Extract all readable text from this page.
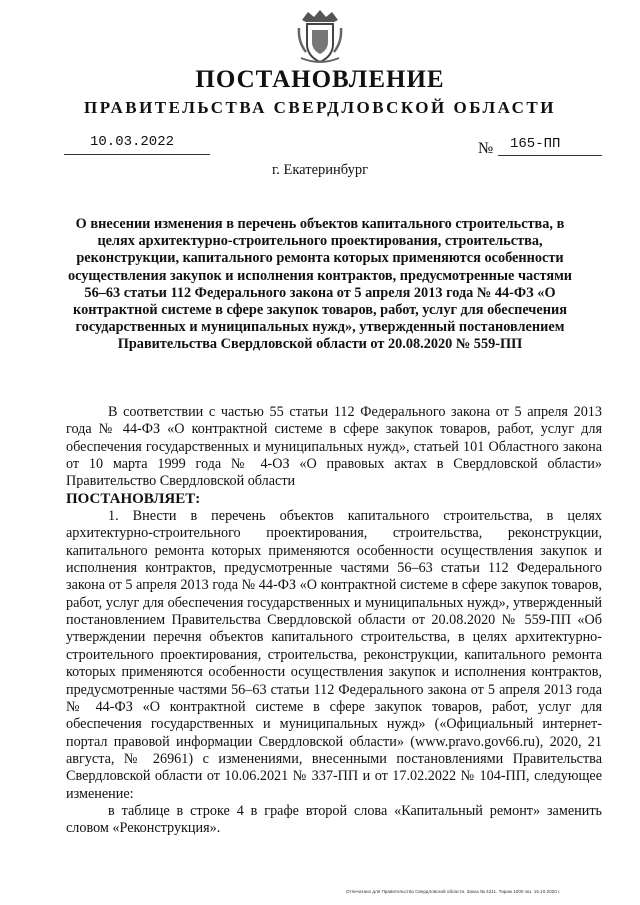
ПОСТАНОВЛЕНИЕ
ПРАВИТЕЛЬСТВА СВЕРДЛОВСКОЙ ОБЛАСТИ
10.03.2022	№ 165-ПП
г. Екатеринбург
О внесении изменения в перечень объектов капитального строительства, в целях архитектурно-строительного проектирования, строительства, реконструкции, капитального ремонта которых применяются особенности осуществления закупок и исполнения контрактов, предусмотренные частями 56–63 статьи 112 Федерального закона от 5 апреля 2013 года № 44-ФЗ «О контрактной системе в сфере закупок товаров, работ, услуг для обеспечения государственных и муниципальных нужд», утвержденный постановлением Правительства Свердловской области от 20.08.2020 № 559-ПП

В соответствии с частью 55 статьи 112 Федерального закона от 5 апреля 2013 года № 44-ФЗ «О контрактной системе в сфере закупок товаров, работ, услуг для обеспечения государственных и муниципальных нужд», статьей 101 Областного закона от 10 марта 1999 года № 4-ОЗ «О правовых актах в Свердловской области» Правительство Свердловской области

ПОСТАНОВЛЯЕТ:

1. Внести в перечень объектов капитального строительства, в целях архитектурно-строительного проектирования, строительства, реконструкции, капитального ремонта которых применяются особенности осуществления закупок и исполнения контрактов, предусмотренные частями 56–63 статьи 112 Федерального закона от 5 апреля 2013 года № 44-ФЗ «О контрактной системе в сфере закупок товаров, работ, услуг для обеспечения государственных и муниципальных нужд», утвержденный постановлением Правительства Свердловской области от 20.08.2020 № 559-ПП «Об утверждении перечня объектов капитального строительства, в целях архитектурно-строительного проектирования, строительства, реконструкции, капитального ремонта которых применяются особенности осуществления закупок и исполнения контрактов, предусмотренные частями 56–63 статьи 112 Федерального закона от 5 апреля 2013 года № 44-ФЗ «О контрактной системе в сфере закупок товаров, работ, услуг для обеспечения государственных и муниципальных нужд» («Официальный интернет-портал правовой информации Свердловской области» (www.pravo.gov66.ru), 2020, 21 августа, № 26961) с изменениями, внесенными постановлениями Правительства Свердловской области от 10.06.2021 № 337-ПП и от 17.02.2022 № 104-ПП, следующее изменение:

в таблице в строке 4 в графе второй слова «Капитальный ремонт» заменить словом «Реконструкция».

Отпечатано для Правительства Свердловской области. Заказ № 4211. Тираж 1000 экз. 16.10.2020 г.
